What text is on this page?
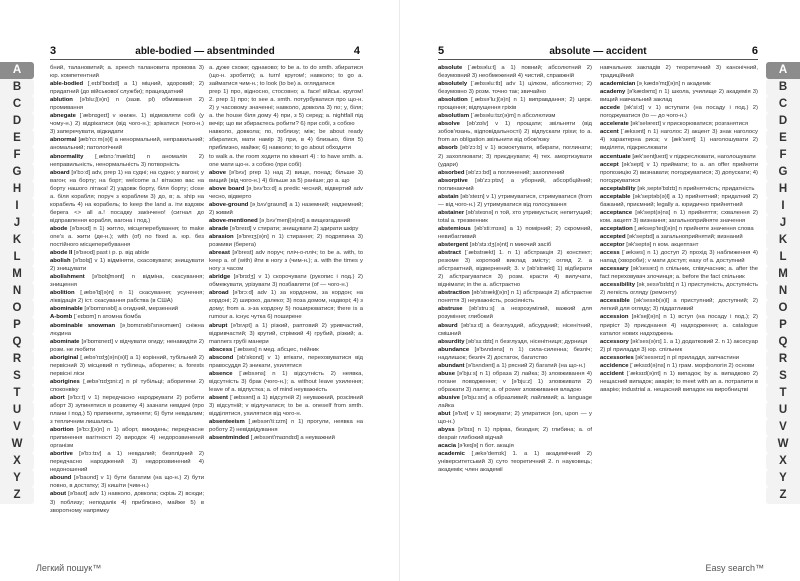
A
B
C
D
E
F
G
H
I
J
K
L
M
N
O
P
Q
R
S
T
U
V
W
X
Y
Z
3	able-bodied — absentminded	4

бний, талановитий; a. speech талановита промова 3) юр. компетентний

able-bodied [ˌeɪbl'bɒdɪd] a 1) міцний, здоровий; 2) придатний (до військової служби); працездатний

ablution [ə'bluːʃ(ə)n] n (зазв. pl) обмивання 2) промивання

abnegate [ˈæbnɪɡeɪt] v книжн. 1) відмовляти собі (у чому-н.) 2) відрікатися (від чого-н.); зрікатися (чого-н.) 3) заперечувати, відкидати

abnormal [æb'nɔːm(ə)l] a ненормальний, неправильний; аномальний; патологічний

abnormality [ˌæbnɔː'mælɪtɪ] n аномалія 2) неправильність, ненормальність 3) потворність

aboard [ə'bɔːd] adv, prep 1) на судні; на судно; у вагоні; у вагон; на борту; на борт; welcome a.! вітаємо вас на борту нашого літака! 2) уздовж борту, біля борту; close a. біля корабля; поруч з кораблем 3) до, в; a. ship на корабель 4) на корабель; to keep the land a. іти вздовж берега <> all a.! посадку закінчено! (сигнал до відправлення корабля, вагона і под.)

abode [ə'bəʊd] n 1) житло, місцеперебування; to make one's a. жити (де-н.); with (of) no fixed a. юр. без постійного місцеперебування

abode II [ə'bəʊd] past i p. p. від abide

abolish [ə'bɒlɪʃ] v 1) відміняти, скасовувати; знищувати 2) знищувати

abolishment [ə'bɒlɪʃmənt] n відміна, скасування; знищення

abolition [ˌæbə'lɪʃ(ə)n] n 1) скасування; усунення; ліквідація 2) іст. скасування рабства (в США)

abominable [ə'bɒmɪnəbl] a огидний, мерзенний

A-bomb [ˈeɪbɒm] n атомна бомба

abominable snowman [əˌbɒmɪnəbl'snəʊmæn] сніжна людина

abominate [ə'bɒmɪneɪt] v відчувати огиду; ненавидіти 2) розм. не любити

aboriginal [ˌæbə'rɪdʒ(ə)n(ə)l] a 1) корінний, тубільний 2) первісний 3) місцевий n тубілець, абориген; a. forests первісні ліси

aborigines [ˌæbə'rɪdʒɪniːz] n pl тубільці; аборигени 2) споконвіку

abort [ə'bɔːt] v 1) передчасно народжувати 2) робити аборт 3) зупинятися в розвитку 4) зазнати невдачі (про плани і под.) 5) припиняти, зупиняти; 6) бути невдалим; з тепличним лишались

abortion [ə'bɔːʃ(ə)n] n 1) аборт, викидень; передчасне припинення вагітності 2) виродок 4) недорозвинений організм

abortive [ə'bɔːtɪv] a 1) невдалий; безплідний 2) передчасно народжений 3) недорозвинений 4) недоношений

abound [ə'baʊnd] v 1) бути багатим (на що-н.) 2) бути повно, в достатку; 3) кишіти (чим-н.)

about [ə'baʊt] adv 1) навколо, довкола; скрізь 2) всюди; 3) поблизу; неподалік 4) приблизно, майже 5) в зворотному напрямку

a. дуже схоже; однаково; to be a. to do smth. збиратися (що-н. зробити); a. turn! кругом!; навколо; to go a. займатися чим-н.; to look (to be) a. оглядатися

prep 1) про, відносно, стосовно; a. face! військ. кругом! 2. prep 1) про; to see a. smth. потурбуватися про що-н. 2) у часовому значенні; навколо, довкола 3) по; у, біля; a. the house біля дому 4) при, з 5) серед; a. nightfall під вечір; що ви збираєтесь робити? 6) при собі, з собою

навколо, довкола; по, поблизу; між; be about ready збиратися, мати намір 3) при, в 4) близько, біля 5) приблизно, майже; 6) навколо; to go about обходити

to walk a. the room ходити по кімнаті 4) : to have smth. a. one мати що-н. з собою (при собі)

above [ə'bʌv] prep 1) над 2) вище, понад; більше 3) вищий (від чого-н.) 4) більше за 5) раніше; до a. що

above board [əˌbʌv'bɔːd] a predic чесний, відвертий adv чесно, відверто

above-ground [əˌbʌv'ɡraʊnd] a 1) наземний; надземний; 2) живий

above-mentioned [əˌbʌv'menʃ(ə)nd] a вищезгаданий

abrade [ə'breɪd] v стирати; знищувати 2) здирати шкіру

abrasion [ə'breɪʒ(ə)n] n 1) стирання; 2) подряпина 3) розмиви (берега)

abreast [ə'brest] adv поруч; пліч-о-пліч; to be a. with, to keep a. of (with) йти в ногу з (чим-н.); a. with the times у ногу з часом

abridge [ə'brɪdʒ] v 1) скорочувати (рукопис і под.) 2) обмежувати, урізувати 3) позбавляти (of — чого-н.)

abroad [ə'brɔːd] adv 1) за кордоном, за кордон; на кордоні; 2) широко, далеко; 3) поза домом, надворі; 4) з дому; from a. з-за кордону 5) поширюватися; there is a rumour a. існує чутка 6) поширене

abrupt [ə'brʌpt] a 1) різкий, раптовий 2) уривчастий, відривчастий; 3) крутий, стрімкий 4) грубий, різкий; a. manners грубі манери

abscess [ˈæbses] n мед. абсцес, гнійник

abscond [əb'skɒnd] v 1) втікати, переховуватися від правосуддя 2) зникати, ухилятися

absence [ˈæbsəns] n 1) відсутність 2) неявка, відсутність 3) брак (чого-н.); a. without leave ухилення; leave of a. відпустка; a. of mind неуважність

absent [ˈæbsənt] a 1) відсутній 2) неуважний, розсіяний 3) відсутній; v відлучатися; to be a. oneself from smth. відділятися, ухилятися від чого-н.

absenteeism [ˌæbsən'tiːɪzm] n 1) прогули, неявка на роботу 2) невідвідування

absentminded [ˌæbsənt'maɪndɪd] a неуважний

Легкий пошук™
A
B
C
D
E
F
G
H
I
J
K
L
M
N
O
P
Q
R
S
T
U
V
W
X
Y
Z
5	absolute — accident	6

absolute [ˈæbsəluːt] a 1) повний; абсолютний 2) безумовний 3) необмежений 4) чистий, справжній

absolutely [ˈæbsəluːtlɪ] adv 1) цілком, абсолютно; 2) безумовно 3) розм. точно так; звичайно

absolution [ˌæbsə'luːʃ(ə)n] n 1) виправдання; 2) церк. прощення; відпущення гріхів

absolutism [ˈæbsəluːtɪz(ə)m] n абсолютизм

absolve [əb'zɒlv] v 1) прощати; звільняти (від зобов'язань, відповідальності) 2) відпускати гріхи; to a. from an obligation звільнити від обов'язку

absorb [əb'zɔːb] v 1) всмоктувати, вбирати, поглинати; 2) захоплювати; 3) приєднувати; 4) тех. амортизувати (удари)

absorbed [əb'zɔːbd] a поглинений; захоплений

absorptive [əb'zɔːptɪv] a уборний, абсорбційний; поглинаючий

abstain [əb'steɪn] v 1) утримуватися, стримуватися (from — від чого-н.) 2) утримуватися від голосування

abstainer [əb'steɪnə] n той, хто утримується; непитущий; total a. трезвенник

abstemious [əb'stiːmɪəs] a 1) помірний; 2) скромний, невибагливий

abstergent [əb'stɜːdʒ(ə)nt] n миючий засіб

abstract [ˈæbstrækt] 1. n 1) абстракція 2) конспект; резюме 3) короткий виклад змісту; огляд 2. a абстрактний, відвернений; 3. v [əb'strækt] 1) відбирати 2) абстрагуватися 3) розм. красти 4) вилучати, віднімати; in the a. абстрактно

abstraction [əb'strækʃ(ə)n] n 1) абстракція 2) абстрактне поняття 3) неуважність, розсіяність

abstruse [əb'struːs] a незрозумілий, важкий для розуміння; глибокий

absurd [əb'sɜːd] a безглуздий, абсурдний; нісенітний, смішний

absurdity [əb'sɜːdɪtɪ] n безглуздя, нісенітниця; дурниця

abundance [ə'bʌndəns] n 1) сила-силенна; безліч; надлишок; безліч 2) достаток, багатство

abundant [ə'bʌndənt] a 1) рясний 2) багатий (на що-н.)

abuse [ə'bjuːs] n 1) образа 2) лайка; 3) зловживання 4) погане поводження; v [ə'bjuːz] 1) зловживати 2) ображати 3) лаяти; a. of power зловживання владою

abusive [ə'bjuːsɪv] a образливий; лайливий; a. language лайка

abut [ə'bʌt] v 1) межувати; 2) упиратися (on, upon — у що-н.)

abyss [ə'bɪs] n 1) прірва, безодня; 2) глибина; a. of despair глибокий відчай

acacia [ə'keɪʃə] n бот. акація

academic [ˌækə'demɪk] 1. a 1) академічний 2) університетський 3) суто теоретичний 2. n науковець; академік; член академії

навчальних закладів 2) теоретичний 3) канонічний, традиційний

academician [əˌkædə'mɪʃ(ə)n] n академік

academy [ə'kædəmɪ] n 1) школа, училище 2) академія 3) вищий навчальний заклад

accede [ək'siːd] v 1) вступати (на посаду і под.) 2) погоджуватися (to — до чого-н.)

accelerate [ək'seləreɪt] v прискорюватися; розганятися

accent [ˈæksənt] n 1) наголос 2) акцент 3) знак наголосу 4) характерна риса; v [æk'sent] 1) наголошувати 2) виділяти, підкреслювати

accentuate [æk'sentʃʊeɪt] v підкреслювати, наголошувати

accept [ək'sept] v 1) приймати; to a. an offer прийняти пропозицію 2) визнавати; погоджуватися; 3) допускати; 4) погоджуватися

acceptability [əkˌseptə'bɪlɪtɪ] n прийнятність; придатність

acceptable [ək'septəb(ə)l] a 1) прийнятний; придатний 2) бажаний, приємний; legally a. юридично прийнятний

acceptance [ək'sept(ə)ns] n 1) прийняття; схвалення 2) ком. акцепт 3) визнання; загальноприйняте значення

acceptation [ˌæksep'teɪʃ(ə)n] n прийняте значення слова

accepted [ək'septɪd] a загальноприйнятий; визнаний

acceptor [ək'septə] n ком. акцептант

access [ˈækses] n 1) доступ 2) прохід 3) наближення 4) напад (хвороби); v мати доступ; easy of a. доступний

accessary [ək'sesərɪ] n спільник, співучасник; a. after the fact переховувач злочинця; a. before the fact спільник

accessibility [əkˌsesə'bɪlɪtɪ] n 1) приступність, доступність 2) легкість огляду (ремонту)

accessible [ək'sesəb(ə)l] a приступний; доступний; 2) легкий для огляду; 3) піддатливий

accession [ək'seʃ(ə)n] n 1) вступ (на посаду і под.); 2) приріст 3) приєднання 4) надходження; a. catalogue каталог нових надходжень

accessory [ək'ses(ə)rɪ] 1. a 1) додатковий 2. n 1) аксесуар 2) pl приладдя 3) юр. спільник

accessories [ək'sesərɪz] n pl приладдя, запчастини

accidence [ˈæksɪd(ə)ns] n 1) грам. морфологія 2) основи

accident [ˈæksɪd(ə)nt] n 1) випадок; by a. випадково 2) нещасний випадок; аварія; to meet with an a. потрапити в аварію; industrial a. нещасний випадок на виробництві

Easy search™
